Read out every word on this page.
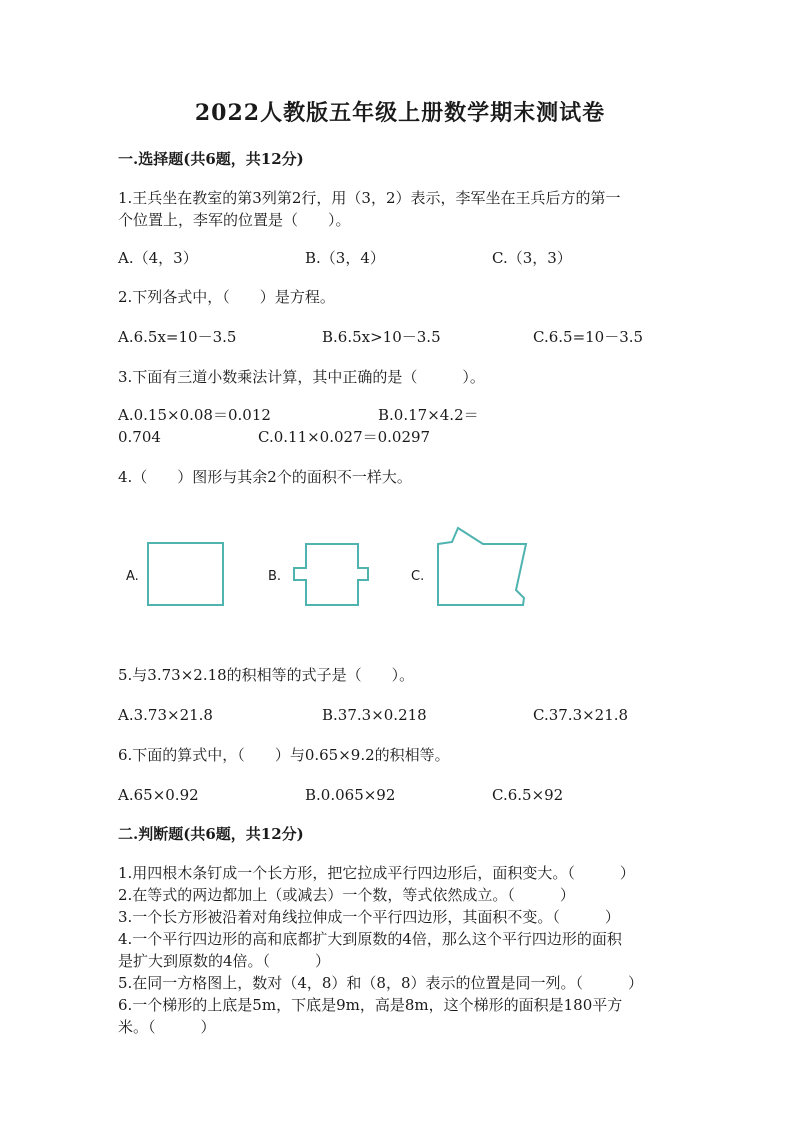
2022人教版五年级上册数学期末测试卷
一.选择题(共6题，共12分)
1.王兵坐在教室的第3列第2行，用（3，2）表示，李军坐在王兵后方的第一
个位置上，李军的位置是（　　）。
A.（4，3）	B.（3，4）	C.（3，3）
2.下列各式中，（　　）是方程。
A.6.5x=10－3.5	B.6.5x>10－3.5	C.6.5=10－3.5
3.下面有三道小数乘法计算，其中正确的是（　　　）。
A.0.15×0.08＝0.012	B.0.17×4.2＝
0.704	C.0.11×0.027＝0.0297
4.（　　）图形与其余2个的面积不一样大。
A.	B.	C.
5.与3.73×2.18的积相等的式子是（　　）。
A.3.73×21.8	B.37.3×0.218	C.37.3×21.8
6.下面的算式中，（　　）与0.65×9.2的积相等。
A.65×0.92	B.0.065×92	C.6.5×92
二.判断题(共6题，共12分)
1.用四根木条钉成一个长方形，把它拉成平行四边形后，面积变大。（　　　）
2.在等式的两边都加上（或减去）一个数，等式依然成立。（　　　）
3.一个长方形被沿着对角线拉伸成一个平行四边形，其面积不变。（　　　）
4.一个平行四边形的高和底都扩大到原数的4倍，那么这个平行四边形的面积
是扩大到原数的4倍。（　　　）
5.在同一方格图上，数对（4，8）和（8，8）表示的位置是同一列。（　　　）
6.一个梯形的上底是5m，下底是9m，高是8m，这个梯形的面积是180平方
米。（　　　）
